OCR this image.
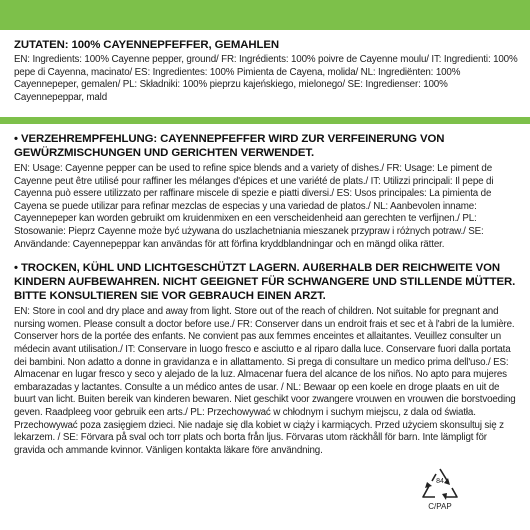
ZUTATEN: 100% CAYENNEPFEFFER, GEMAHLEN
EN: Ingredients: 100% Cayenne pepper, ground/ FR: Ingrédients: 100% poivre de Cayenne moulu/ IT: Ingredienti: 100% pepe di Cayenna, macinato/ ES: Ingredientes: 100% Pimienta de Cayena, molida/ NL: Ingrediënten: 100% Cayennepeper, gemalen/ PL: Składniki: 100% pieprzu kajeńskiego, mielonego/ SE: Ingredienser: 100% Cayennepeppar, mald
• VERZEHREMPFEHLUNG: CAYENNEPFEFFER WIRD ZUR VERFEINERUNG VON GEWÜRZMISCHUNGEN UND GERICHTEN VERWENDET.
EN: Usage: Cayenne pepper can be used to refine spice blends and a variety of dishes./ FR: Usage: Le piment de Cayenne peut être utilisé pour raffiner les mélanges d'épices et une variété de plats./ IT: Utilizzi principali: Il pepe di Cayenna può essere utilizzato per raffinare miscele di spezie e piatti diversi./ ES: Usos principales: La pimienta de Cayena se puede utilizar para refinar mezclas de especias y una variedad de platos./ NL: Aanbevolen inname: Cayennepeper kan worden gebruikt om kruidenmixen en een verscheidenheid aan gerechten te verfijnen./ PL: Stosowanie: Pieprz Cayenne może być używana do uszlachetniania mieszanek przypraw i różnych potraw./ SE: Användande: Cayennepeppar kan användas för att förfina kryddblandningar och en mängd olika rätter.
• TROCKEN, KÜHL UND LICHTGESCHÜTZT LAGERN. AUßERHALB DER REICHWEITE VON KINDERN AUFBEWAHREN. NICHT GEEIGNET FÜR SCHWANGERE UND STILLENDE MÜTTER. BITTE KONSULTIEREN SIE VOR GEBRAUCH EINEN ARZT.
EN: Store in cool and dry place and away from light. Store out of the reach of children. Not suitable for pregnant and nursing women. Please consult a doctor before use./ FR: Conserver dans un endroit frais et sec et à l'abri de la lumière. Conserver hors de la portée des enfants. Ne convient pas aux femmes enceintes et allaitantes. Veuillez consulter un médecin avant utilisation./ IT: Conservare in luogo fresco e asciutto e al riparo dalla luce. Conservare fuori dalla portata dei bambini. Non adatto a donne in gravidanza e in allattamento. Si prega di consultare un medico prima dell'uso./ ES: Almacenar en lugar fresco y seco y alejado de la luz. Almacenar fuera del alcance de los niños. No apto para mujeres embarazadas y lactantes. Consulte a un médico antes de usar. / NL: Bewaar op een koele en droge plaats en uit de buurt van licht. Buiten bereik van kinderen bewaren. Niet geschikt voor zwangere vrouwen en vrouwen die borstvoeding geven. Raadpleeg voor gebruik een arts./ PL: Przechowywać w chłodnym i suchym miejscu, z dala od światła. Przechowywać poza zasięgiem dzieci. Nie nadaje się dla kobiet w ciąży i karmiących. Przed użyciem skonsultuj się z lekarzem. / SE: Förvara på sval och torr plats och borta från ljus. Förvaras utom räckhåll för barn. Inte lämpligt för gravida och ammande kvinnor. Vänligen kontakta läkare före användning.
84
C/PAP
